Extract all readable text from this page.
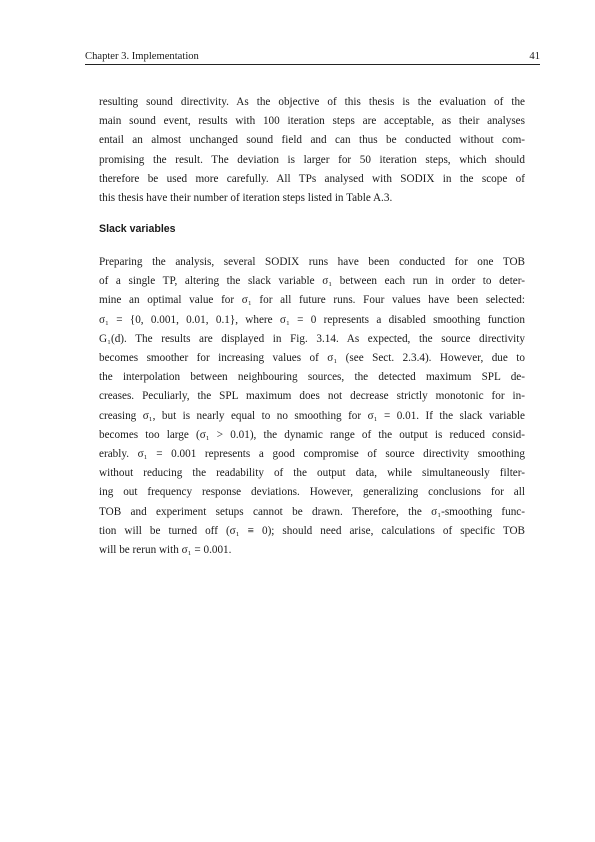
Chapter 3. Implementation	41
resulting sound directivity. As the objective of this thesis is the evaluation of the
main sound event, results with 100 iteration steps are acceptable, as their analyses
entail an almost unchanged sound field and can thus be conducted without com-
promising the result. The deviation is larger for 50 iteration steps, which should
therefore be used more carefully. All TPs analysed with SODIX in the scope of
this thesis have their number of iteration steps listed in Table A.3.
Slack variables
Preparing the analysis, several SODIX runs have been conducted for one TOB
of a single TP, altering the slack variable σ₁ between each run in order to deter-
mine an optimal value for σ₁ for all future runs. Four values have been selected:
σ₁ = {0, 0.001, 0.01, 0.1}, where σ₁ = 0 represents a disabled smoothing function
G₁(d). The results are displayed in Fig. 3.14. As expected, the source directivity
becomes smoother for increasing values of σ₁ (see Sect. 2.3.4). However, due to
the interpolation between neighbouring sources, the detected maximum SPL de-
creases. Peculiarly, the SPL maximum does not decrease strictly monotonic for in-
creasing σ₁, but is nearly equal to no smoothing for σ₁ = 0.01. If the slack variable
becomes too large (σ₁ > 0.01), the dynamic range of the output is reduced consid-
erably. σ₁ = 0.001 represents a good compromise of source directivity smoothing
without reducing the readability of the output data, while simultaneously filter-
ing out frequency response deviations. However, generalizing conclusions for all
TOB and experiment setups cannot be drawn. Therefore, the σ₁-smoothing func-
tion will be turned off (σ₁ ≡ 0); should need arise, calculations of specific TOB
will be rerun with σ₁ = 0.001.
